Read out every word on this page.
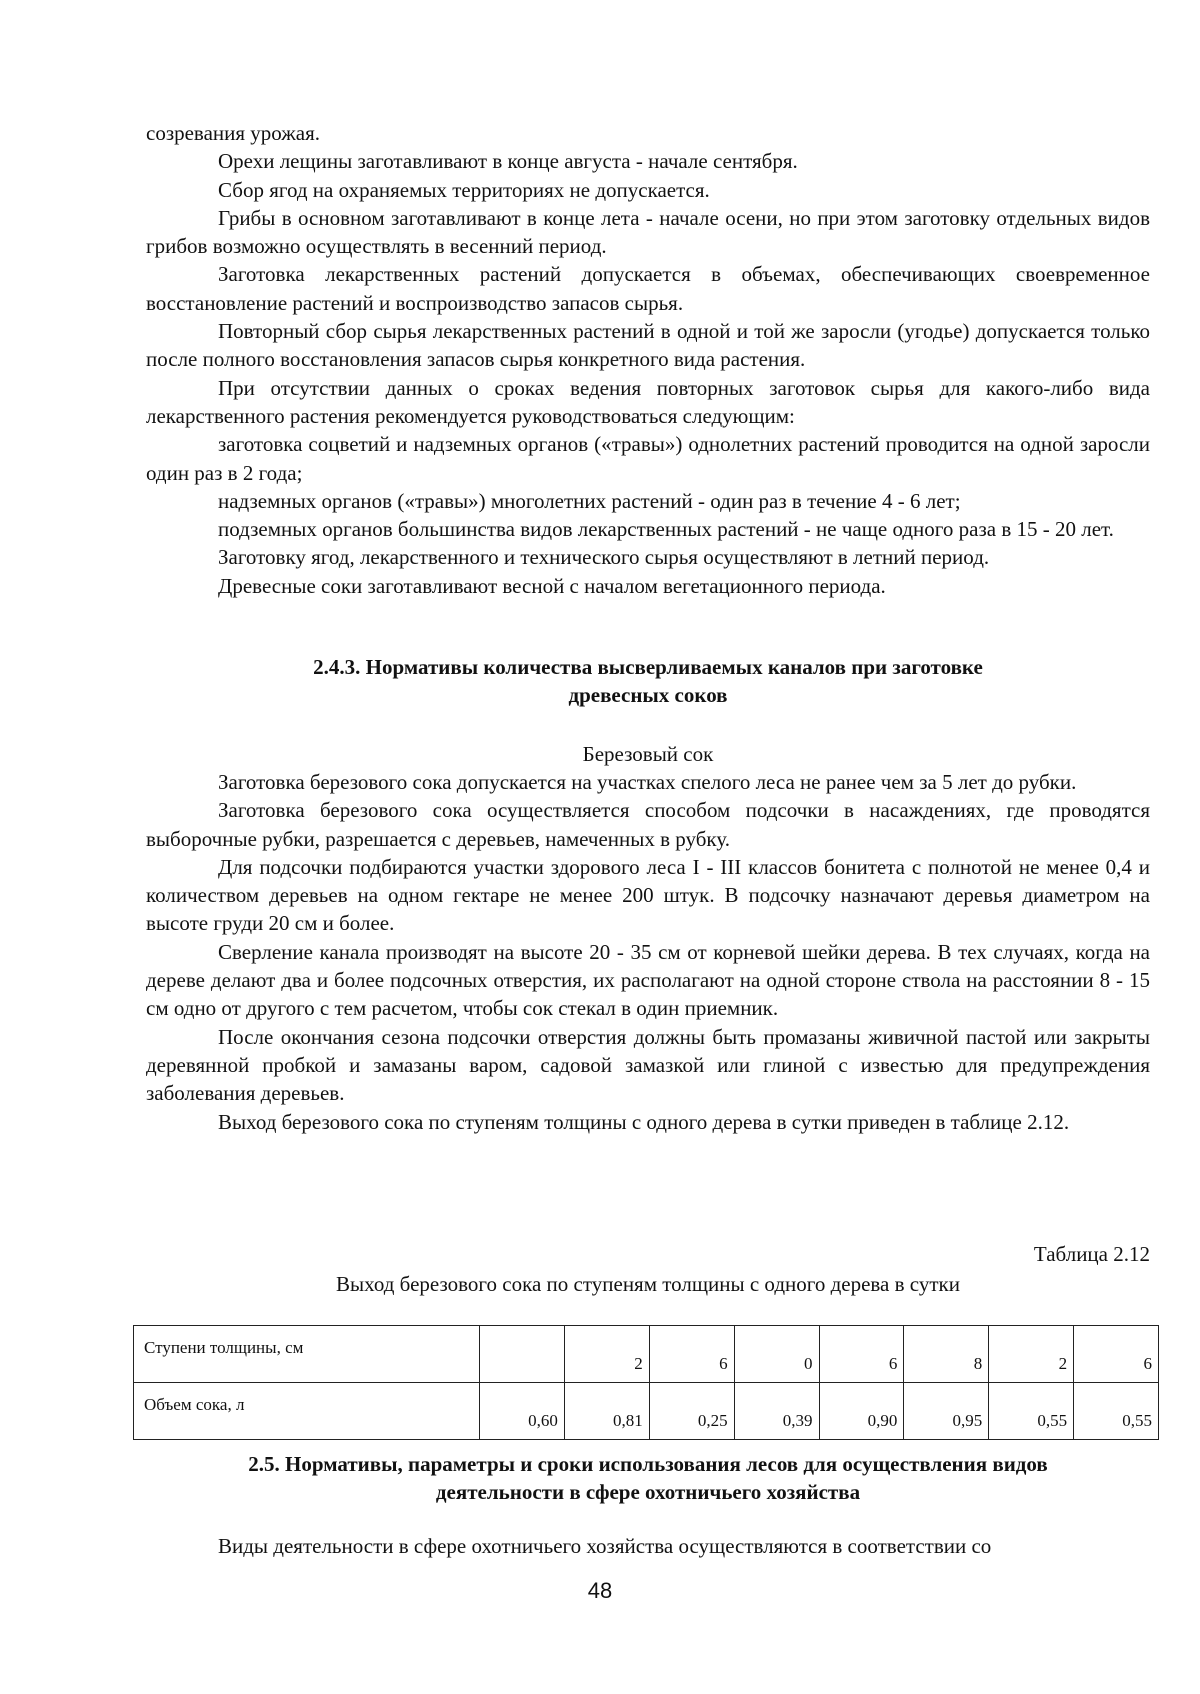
созревания урожая.

Орехи лещины заготавливают в конце августа - начале сентября.

Сбор ягод на охраняемых территориях не допускается.

Грибы в основном заготавливают в конце лета - начале осени, но при этом заготовку отдельных видов грибов возможно осуществлять в весенний период.

Заготовка лекарственных растений допускается в объемах, обеспечивающих своевременное восстановление растений и воспроизводство запасов сырья.

Повторный сбор сырья лекарственных растений в одной и той же заросли (угодье) допускается только после полного восстановления запасов сырья конкретного вида растения.

При отсутствии данных о сроках ведения повторных заготовок сырья для какого-либо вида лекарственного растения рекомендуется руководствоваться следующим:

заготовка соцветий и надземных органов («травы») однолетних растений проводится на одной заросли один раз в 2 года;

надземных органов («травы») многолетних растений - один раз в течение 4 - 6 лет;

подземных органов большинства видов лекарственных растений - не чаще одного раза в 15 - 20 лет.

Заготовку ягод, лекарственного и технического сырья осуществляют в летний период.

Древесные соки заготавливают весной с началом вегетационного периода.

2.4.3. Нормативы количества высверливаемых каналов при заготовке
древесных соков
Березовый сок

Заготовка березового сока допускается на участках спелого леса не ранее чем за 5 лет до рубки.

Заготовка березового сока осуществляется способом подсочки в насаждениях, где проводятся выборочные рубки, разрешается с деревьев, намеченных в рубку.

Для подсочки подбираются участки здорового леса I - III классов бонитета с полнотой не менее 0,4 и количеством деревьев на одном гектаре не менее 200 штук. В подсочку назначают деревья диаметром на высоте груди 20 см и более.

Сверление канала производят на высоте 20 - 35 см от корневой шейки дерева. В тех случаях, когда на дереве делают два и более подсочных отверстия, их располагают на одной стороне ствола на расстоянии 8 - 15 см одно от другого с тем расчетом, чтобы сок стекал в один приемник.

После окончания сезона подсочки отверстия должны быть промазаны живичной пастой или закрыты деревянной пробкой и замазаны варом, садовой замазкой или глиной с известью для предупреждения заболевания деревьев.

Выход березового сока по ступеням толщины с одного дерева в сутки приведен в таблице 2.12.

Таблица 2.12
Выход березового сока по ступеням толщины с одного дерева в сутки
Ступени толщины, см		2	6	0	6	8	2	6
Объем сока, л	0,60	0,81	0,25	0,39	0,90	0,95	0,55	0,55
2.5. Нормативы, параметры и сроки использования лесов для осуществления видов
деятельности в сфере охотничьего хозяйства

Виды деятельности в сфере охотничьего хозяйства осуществляются в соответствии со

48
